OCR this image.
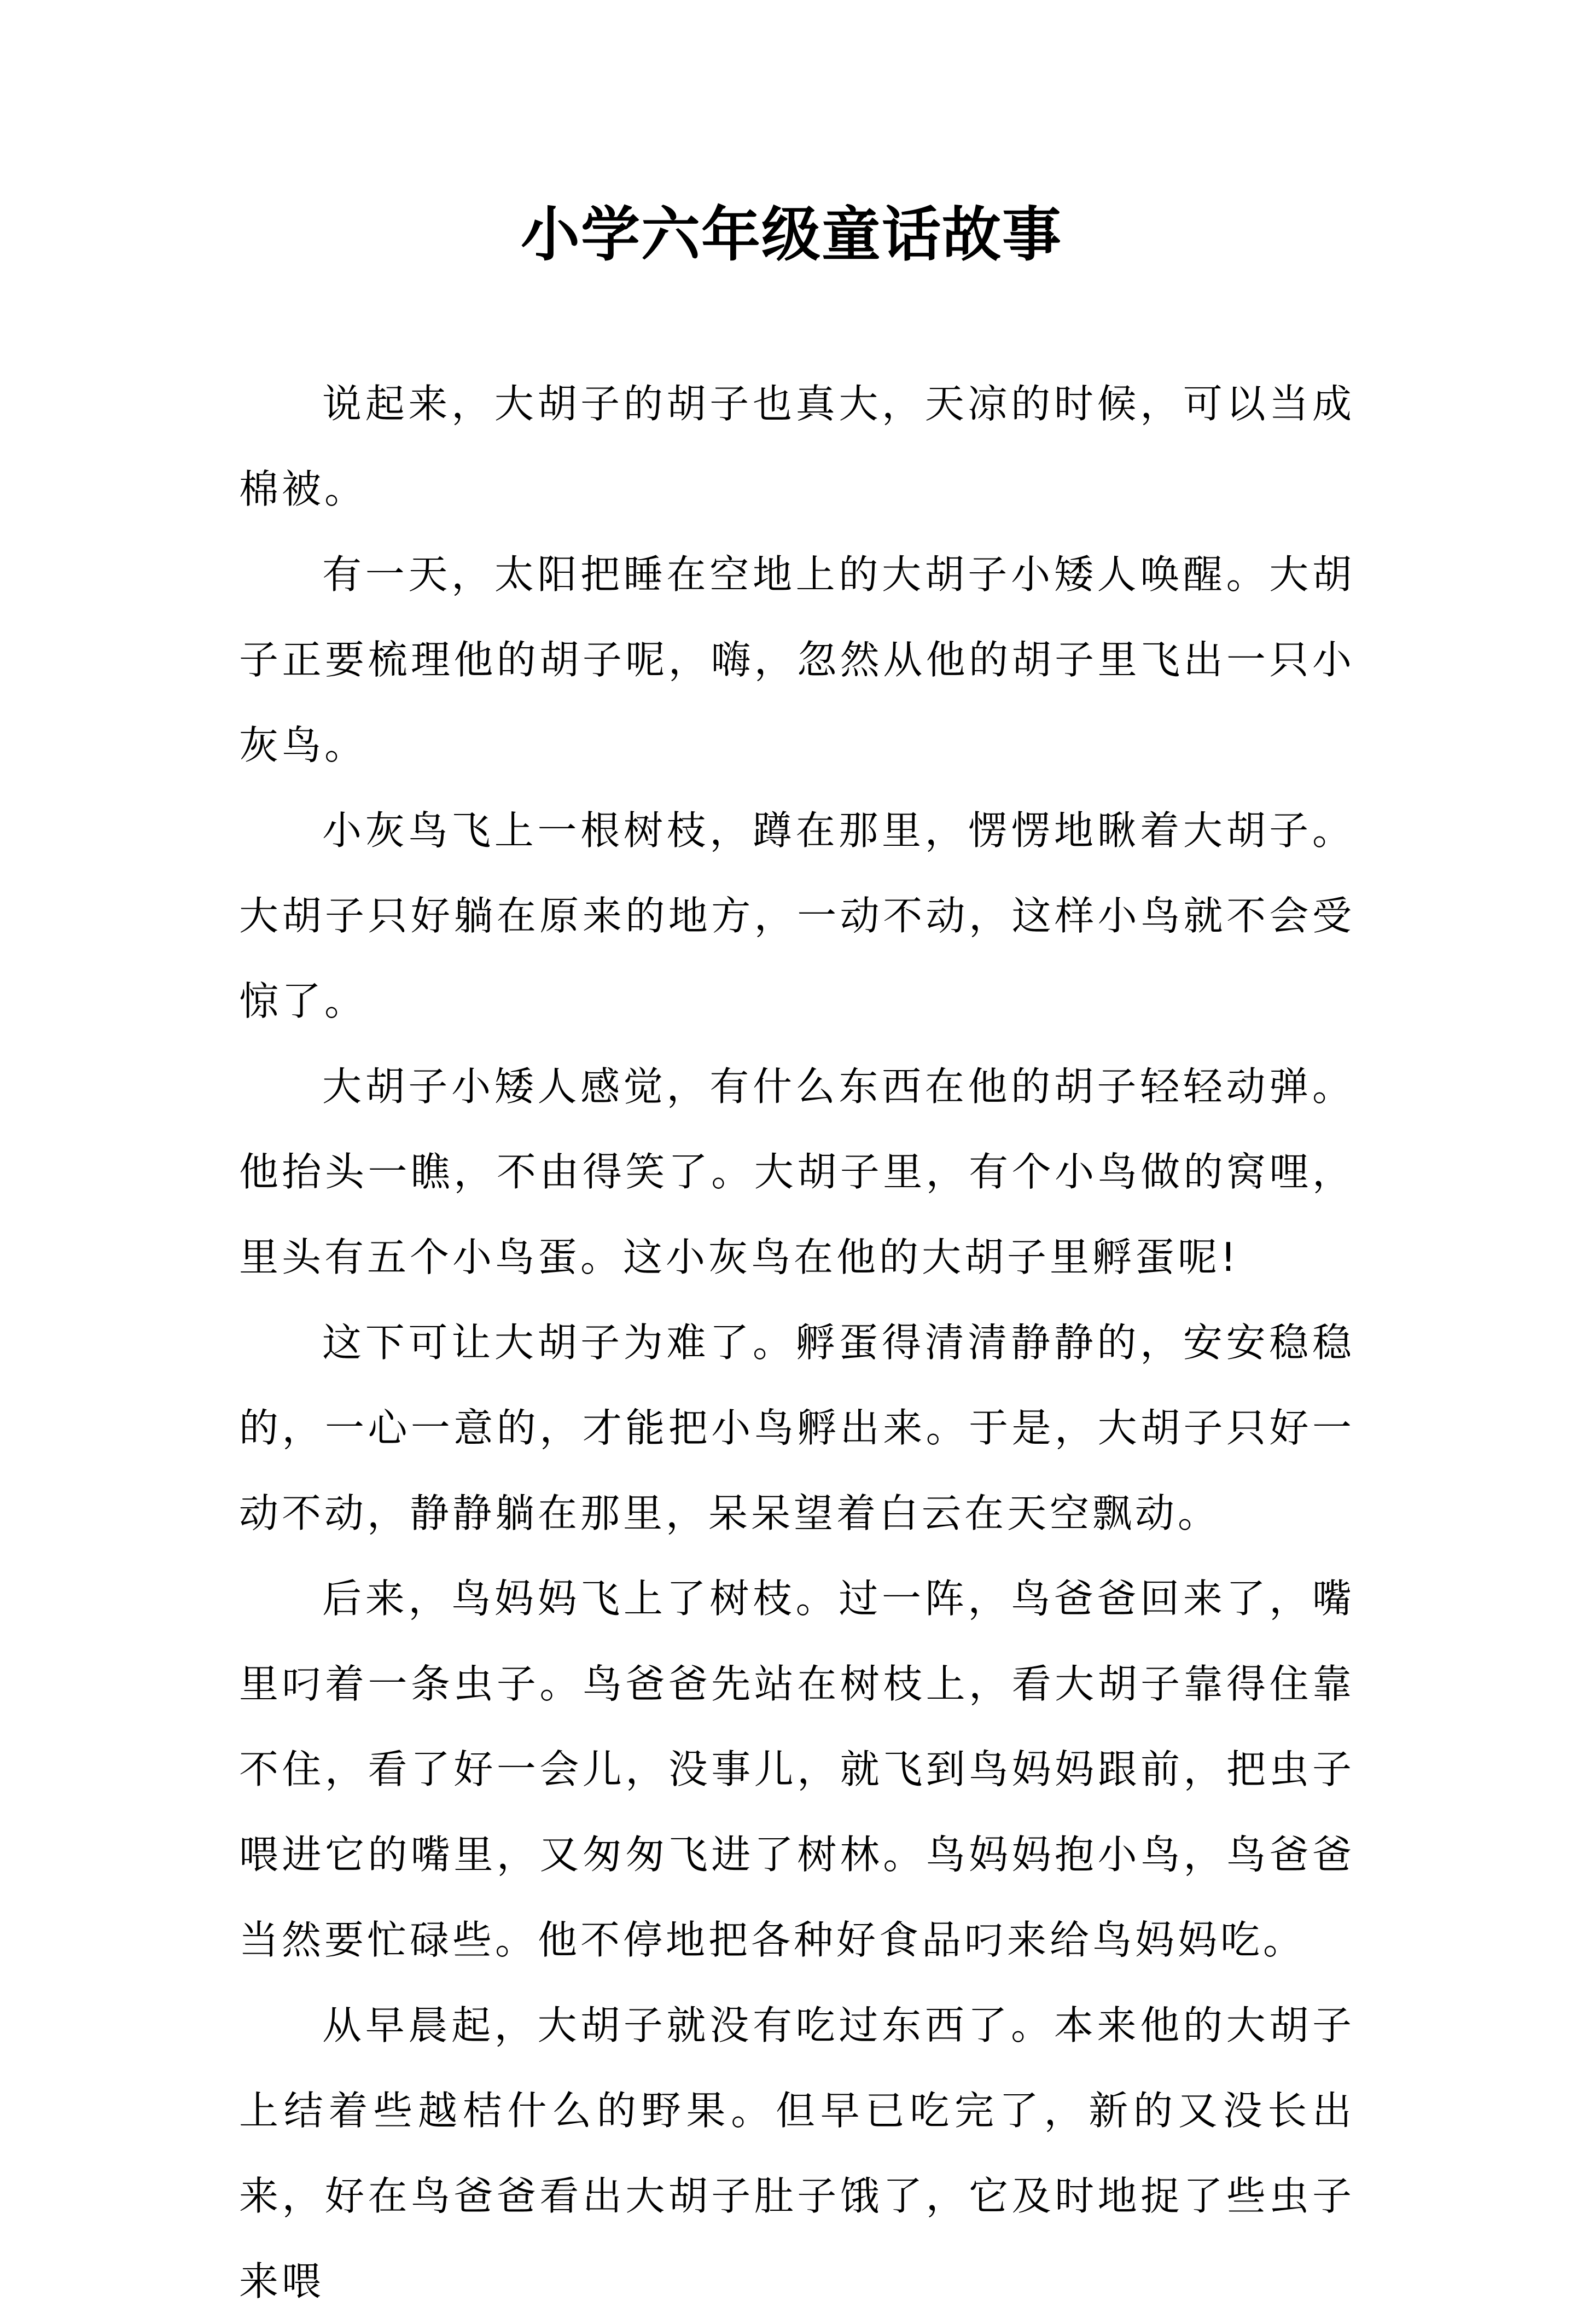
小学六年级童话故事

说起来，大胡子的胡子也真大，天凉的时候，可以当成棉被。

有一天，太阳把睡在空地上的大胡子小矮人唤醒。大胡子正要梳理他的胡子呢，嗨，忽然从他的胡子里飞出一只小灰鸟。

小灰鸟飞上一根树枝，蹲在那里，愣愣地瞅着大胡子。大胡子只好躺在原来的地方，一动不动，这样小鸟就不会受惊了。

大胡子小矮人感觉，有什么东西在他的胡子轻轻动弹。他抬头一瞧，不由得笑了。大胡子里，有个小鸟做的窝哩，里头有五个小鸟蛋。这小灰鸟在他的大胡子里孵蛋呢!

这下可让大胡子为难了。孵蛋得清清静静的，安安稳稳的，一心一意的，才能把小鸟孵出来。于是，大胡子只好一动不动，静静躺在那里，呆呆望着白云在天空飘动。

后来，鸟妈妈飞上了树枝。过一阵，鸟爸爸回来了，嘴里叼着一条虫子。鸟爸爸先站在树枝上，看大胡子靠得住靠不住，看了好一会儿，没事儿，就飞到鸟妈妈跟前，把虫子喂进它的嘴里，又匆匆飞进了树林。鸟妈妈抱小鸟，鸟爸爸当然要忙碌些。他不停地把各种好食品叼来给鸟妈妈吃。

从早晨起，大胡子就没有吃过东西了。本来他的大胡子上结着些越桔什么的野果。但早已吃完了，新的又没长出来，好在鸟爸爸看出大胡子肚子饿了，它及时地捉了些虫子来喂
